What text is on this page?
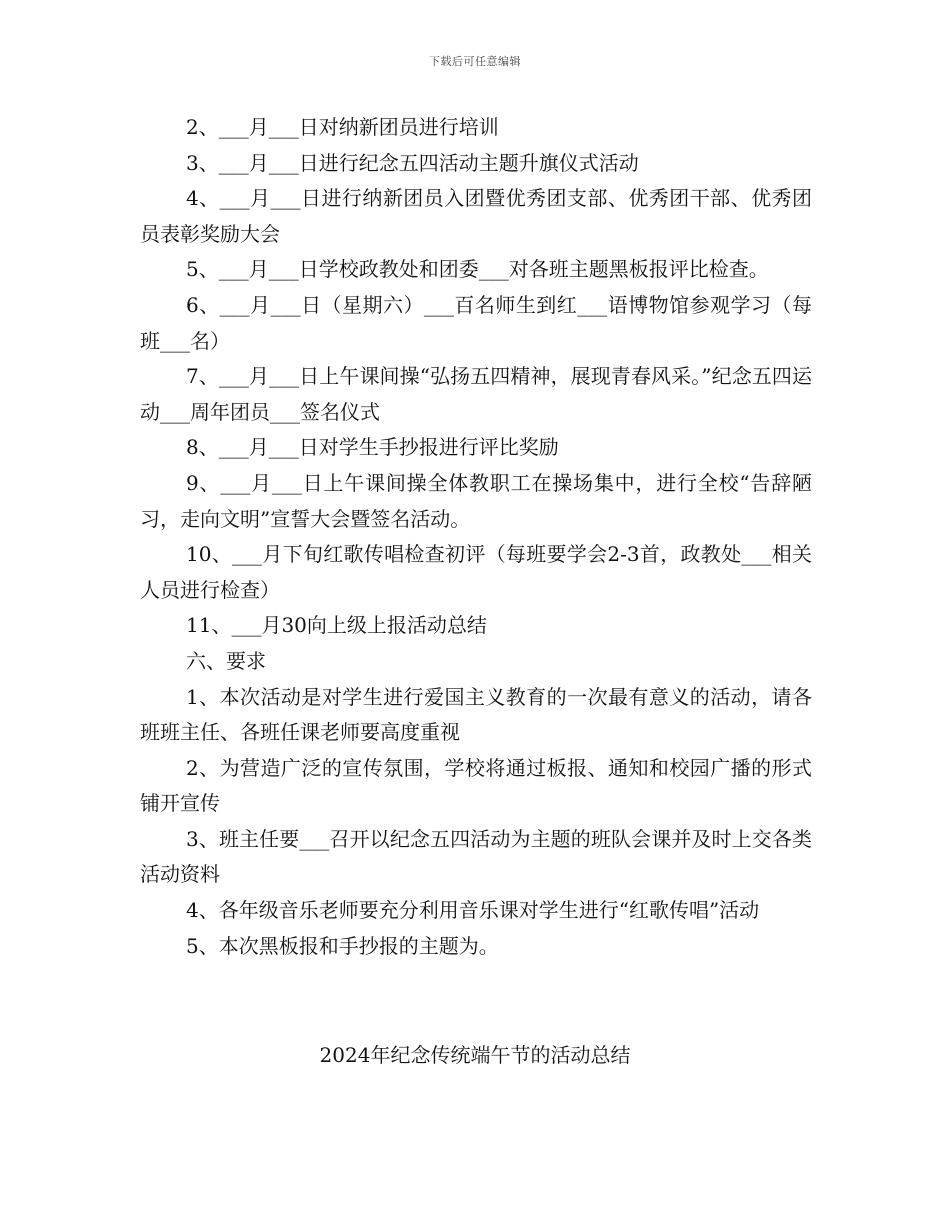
下载后可任意编辑

2、___月___日对纳新团员进行培训

3、___月___日进行纪念五四活动主题升旗仪式活动

4、___月___日进行纳新团员入团暨优秀团支部、优秀团干部、优秀团员表彰奖励大会

5、___月___日学校政教处和团委___对各班主题黑板报评比检查。

6、___月___日（星期六）___百名师生到红___语博物馆参观学习（每班___名）

7、___月___日上午课间操“弘扬五四精神，展现青春风采。”纪念五四运动___周年团员___签名仪式

8、___月___日对学生手抄报进行评比奖励

9、___月___日上午课间操全体教职工在操场集中，进行全校“告辞陋习，走向文明”宣誓大会暨签名活动。

10、___月下旬红歌传唱检查初评（每班要学会2-3首，政教处___相关人员进行检查）

11、___月30向上级上报活动总结

六、要求

1、本次活动是对学生进行爱国主义教育的一次最有意义的活动，请各班班主任、各班任课老师要高度重视

2、为营造广泛的宣传氛围，学校将通过板报、通知和校园广播的形式铺开宣传

3、班主任要___召开以纪念五四活动为主题的班队会课并及时上交各类活动资料

4、各年级音乐老师要充分利用音乐课对学生进行“红歌传唱”活动

5、本次黑板报和手抄报的主题为。

2024年纪念传统端午节的活动总结
